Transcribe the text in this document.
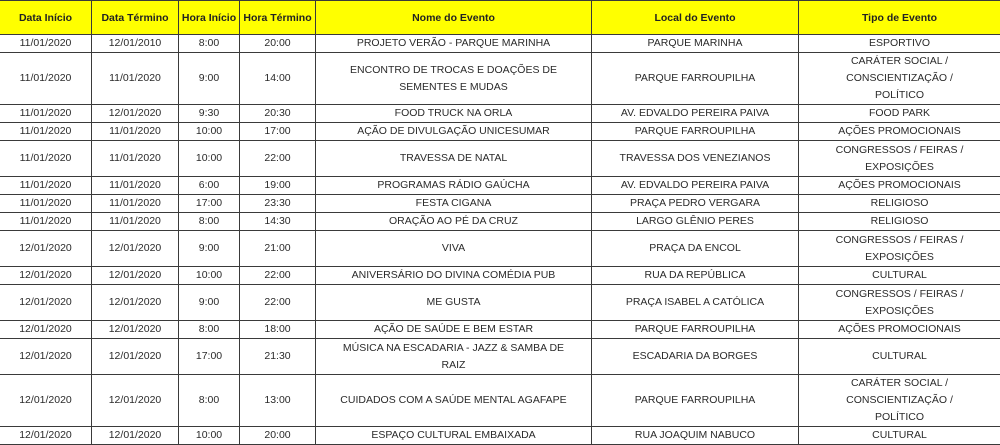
Data Início	Data Término	Hora Início	Hora Término	Nome do Evento	Local do Evento	Tipo de Evento
11/01/2020	12/01/2010	8:00	20:00	PROJETO VERÃO - PARQUE MARINHA	PARQUE MARINHA	ESPORTIVO
11/01/2020	11/01/2020	9:00	14:00	ENCONTRO DE TROCAS E DOAÇÕES DE SEMENTES E MUDAS	PARQUE FARROUPILHA	CARÁTER SOCIAL / CONSCIENTIZAÇÃO / POLÍTICO
11/01/2020	12/01/2020	9:30	20:30	FOOD TRUCK NA ORLA	AV. EDVALDO PEREIRA PAIVA	FOOD PARK
11/01/2020	11/01/2020	10:00	17:00	AÇÃO DE DIVULGAÇÃO UNICESUMAR	PARQUE FARROUPILHA	AÇÕES PROMOCIONAIS
11/01/2020	11/01/2020	10:00	22:00	TRAVESSA DE NATAL	TRAVESSA DOS VENEZIANOS	CONGRESSOS / FEIRAS / EXPOSIÇÕES
11/01/2020	11/01/2020	6:00	19:00	PROGRAMAS RÁDIO GAÚCHA	AV. EDVALDO PEREIRA PAIVA	AÇÕES PROMOCIONAIS
11/01/2020	11/01/2020	17:00	23:30	FESTA CIGANA	PRAÇA PEDRO VERGARA	RELIGIOSO
11/01/2020	11/01/2020	8:00	14:30	ORAÇÃO AO PÉ DA CRUZ	LARGO GLÊNIO PERES	RELIGIOSO
12/01/2020	12/01/2020	9:00	21:00	VIVA	PRAÇA DA ENCOL	CONGRESSOS / FEIRAS / EXPOSIÇÕES
12/01/2020	12/01/2020	10:00	22:00	ANIVERSÁRIO DO DIVINA COMÉDIA PUB	RUA DA REPÚBLICA	CULTURAL
12/01/2020	12/01/2020	9:00	22:00	ME GUSTA	PRAÇA ISABEL A CATÓLICA	CONGRESSOS / FEIRAS / EXPOSIÇÕES
12/01/2020	12/01/2020	8:00	18:00	AÇÃO DE SAÚDE E BEM ESTAR	PARQUE FARROUPILHA	AÇÕES PROMOCIONAIS
12/01/2020	12/01/2020	17:00	21:30	MÚSICA NA ESCADARIA - JAZZ & SAMBA DE RAIZ	ESCADARIA DA BORGES	CULTURAL
12/01/2020	12/01/2020	8:00	13:00	CUIDADOS COM A SAÚDE MENTAL AGAFAPE	PARQUE FARROUPILHA	CARÁTER SOCIAL / CONSCIENTIZAÇÃO / POLÍTICO
12/01/2020	12/01/2020	10:00	20:00	ESPAÇO CULTURAL EMBAIXADA	RUA JOAQUIM NABUCO	CULTURAL
